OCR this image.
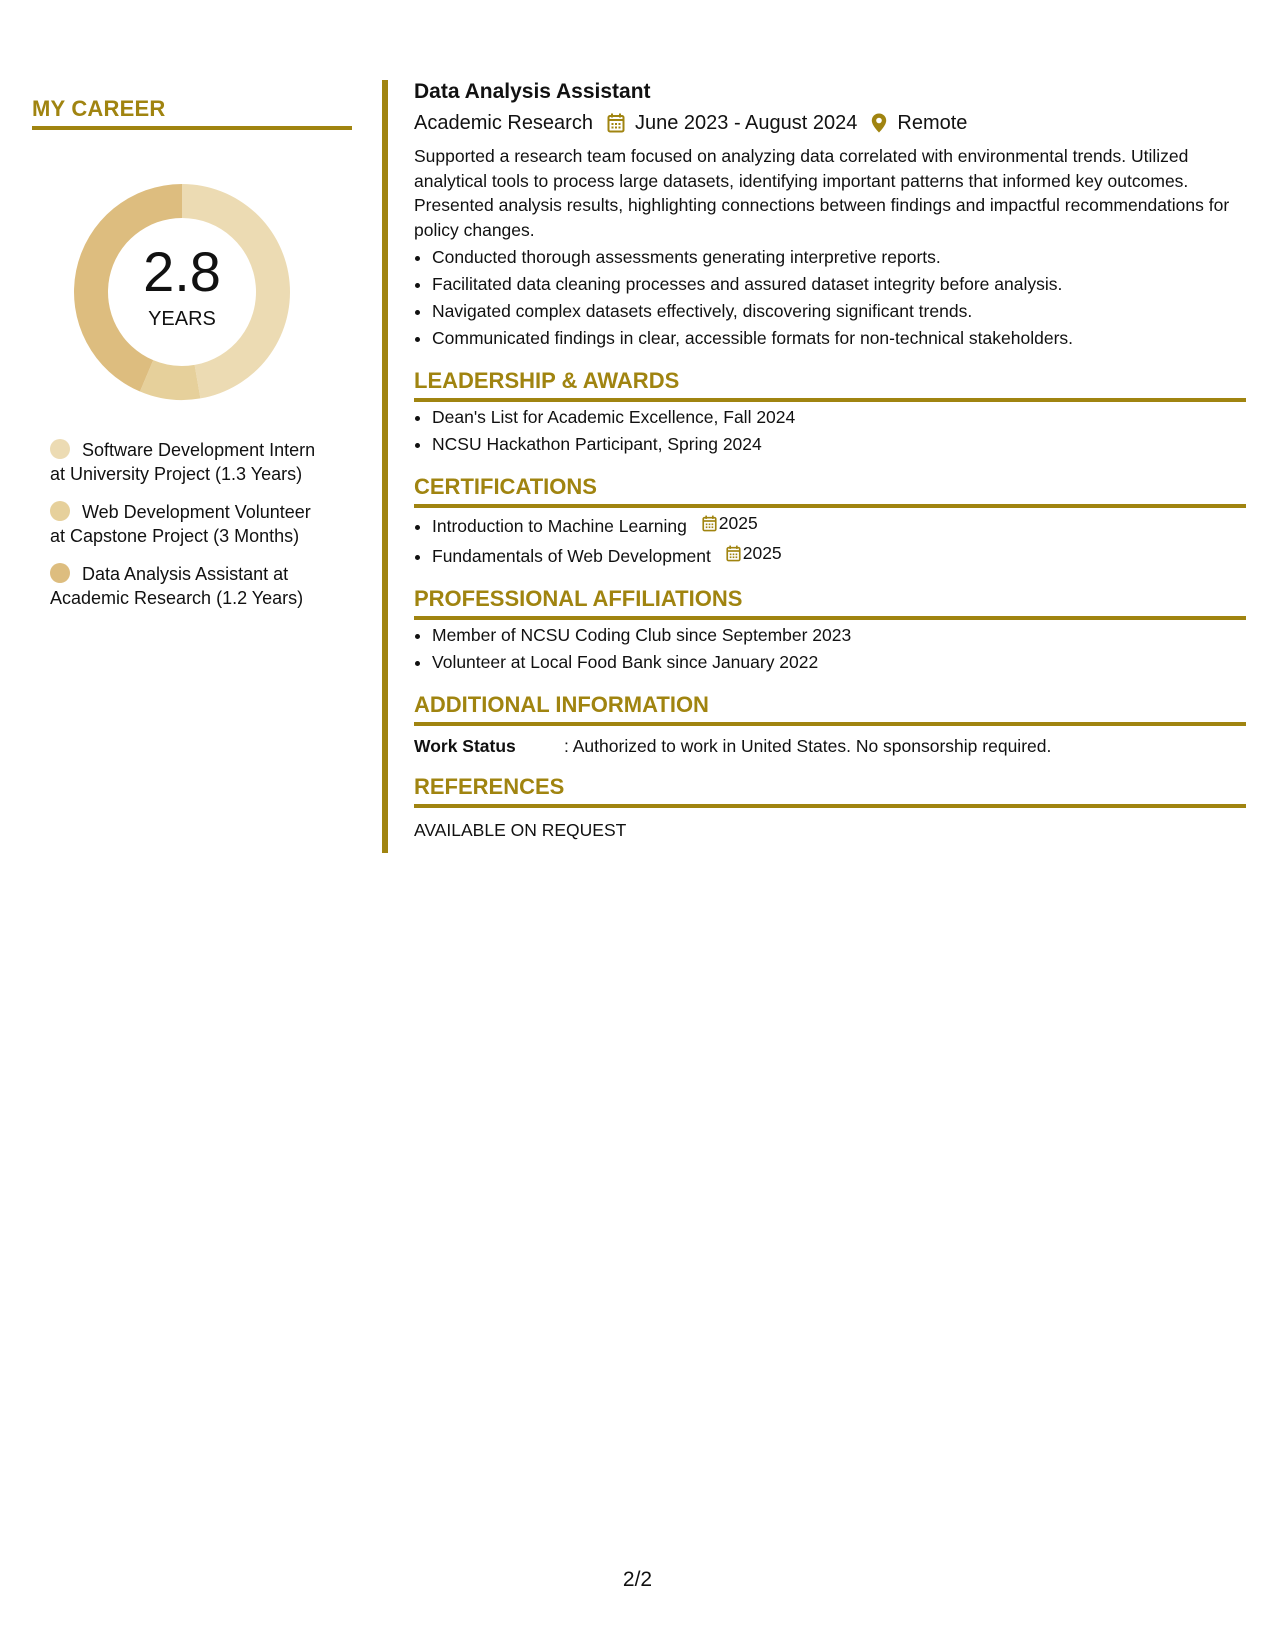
MY CAREER
2.8
YEARS
Software Development Intern at University Project (1.3 Years)
Web Development Volunteer at Capstone Project (3 Months)
Data Analysis Assistant at Academic Research (1.2 Years)
Data Analysis Assistant
Academic Research June 2023 - August 2024 Remote

Supported a research team focused on analyzing data correlated with environmental trends. Utilized analytical tools to process large datasets, identifying important patterns that informed key outcomes. Presented analysis results, highlighting connections between findings and impactful recommendations for policy changes.

• Conducted thorough assessments generating interpretive reports.
• Facilitated data cleaning processes and assured dataset integrity before analysis.
• Navigated complex datasets effectively, discovering significant trends.
• Communicated findings in clear, accessible formats for non-technical stakeholders.
LEADERSHIP & AWARDS
• Dean's List for Academic Excellence, Fall 2024
• NCSU Hackathon Participant, Spring 2024
CERTIFICATIONS
• Introduction to Machine Learning 2025
• Fundamentals of Web Development 2025
PROFESSIONAL AFFILIATIONS
• Member of NCSU Coding Club since September 2023
• Volunteer at Local Food Bank since January 2022
ADDITIONAL INFORMATION
Work Status	: Authorized to work in United States. No sponsorship required.
REFERENCES
AVAILABLE ON REQUEST
2/2
